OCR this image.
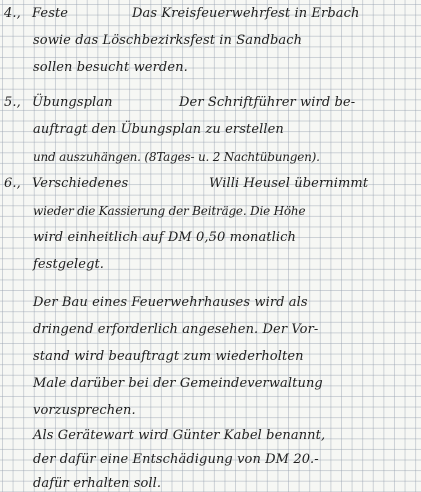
4., Feste	Das Kreisfeuerwehrfest in Erbach
sowie das Löschbezirksfest in Sandbach
sollen besucht werden.
5., Übungsplan	Der Schriftführer wird be-
auftragt den Übungsplan zu erstellen
und auszuhängen. (8Tages- u. 2 Nachtübungen).
6., Verschiedenes	Willi Heusel übernimmt
wieder die Kassierung der Beiträge. Die Höhe
wird einheitlich auf DM 0,50 monatlich
festgelegt.
Der Bau eines Feuerwehrhauses wird als
dringend erforderlich angesehen. Der Vor-
stand wird beauftragt zum wiederholten
Male darüber bei der Gemeindeverwaltung
vorzusprechen.
Als Gerätewart wird Günter Kabel benannt,
der dafür eine Entschädigung von DM 20.-
dafür erhalten soll.
